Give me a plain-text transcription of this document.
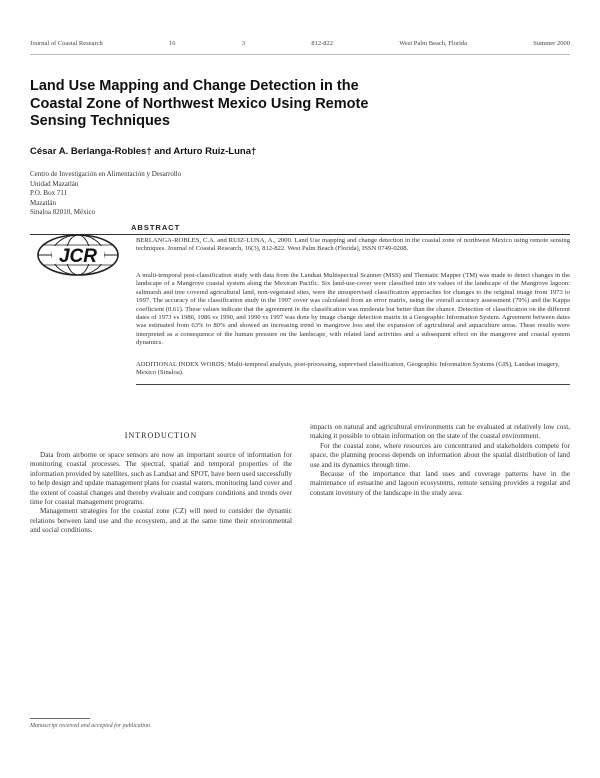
Journal of Coastal Research	16	3	812-822	West Palm Beach, Florida	Summer 2000
Land Use Mapping and Change Detection in the Coastal Zone of Northwest Mexico Using Remote Sensing Techniques
César A. Berlanga-Robles† and Arturo Ruiz-Luna†
Centro de Investigación en Alimentación y Desarrollo
Unidad Mazatlán
P.O. Box 711
Mazatlán
Sinaloa 82010, México
ABSTRACT
JCR
BERLANGA-ROBLES, C.A. and RUIZ-LUNA, A., 2000. Land Use mapping and change detection in the coastal zone of northwest Mexico using remote sensing techniques. Journal of Coastal Research, 16(3), 812-822. West Palm Beach (Florida), ISSN 0749-0208.
A multi-temporal post-classification study with data from the Landsat Multispectral Scanner (MSS) and Thematic Mapper (TM) was made to detect changes in the landscape of a Mangrove coastal system along the Mexican Pacific. Six land-use-cover were classified into six values of the landscape of the Mangrove lagoon: saltmarsh and tree covered agricultural land, non-vegetated sites, were the unsupervised classification approaches for changes to the original image from 1973 to 1997. The accuracy of the classification study in the 1997 cover was calculated from an error matrix, using the overall accuracy assessment (79%) and the Kappa coefficient (0.61). These values indicate that the agreement in the classification was moderate but better than the chance. Detection of classification on the different dates of 1973 vs 1986, 1986 vs 1990, and 1990 vs 1997 was done by image change detection matrix in a Geographic Information System. Agreement between dates was estimated from 63% to 80% and showed an increasing trend in mangrove loss and the expansion of agricultural and aquaculture areas. These results were interpreted as a consequence of the human pressure on the landscape, with related land activities and a subsequent effect on the mangrove and coastal system dynamics.
ADDITIONAL INDEX WORDS: Multi-temporal analysis, post-processing, supervised classification, Geographic Information Systems (GIS), Landsat imagery, Mexico (Sinaloa).
INTRODUCTION

Data from airborne or space sensors are now an important source of information for monitoring coastal processes. The spectral, spatial and temporal properties of the information provided by satellites, such as Landsat and SPOT, have been used successfully to help design and update management plans for coastal waters, monitoring land cover and the extent of coastal changes and thereby evaluate and compare conditions and trends over time for coastal management programs.

Management strategies for the coastal zone (CZ) will need to consider the dynamic relations between land use and the ecosystem, and at the same time their environmental and social conditions.

impacts on natural and agricultural environments can be evaluated at relatively low cost, making it possible to obtain information on the state of the coastal environment.

For the coastal zone, where resources are concentrated and stakeholders compete for space, the planning process depends on information about the spatial distribution of land use and its dynamics through time.

Because of the importance that land uses and coverage patterns have in the maintenance of estuarine and lagoon ecosystems, remote sensing provides a regular and constant inventory of the landscape in the study area.

Manuscript received and accepted for publication.
